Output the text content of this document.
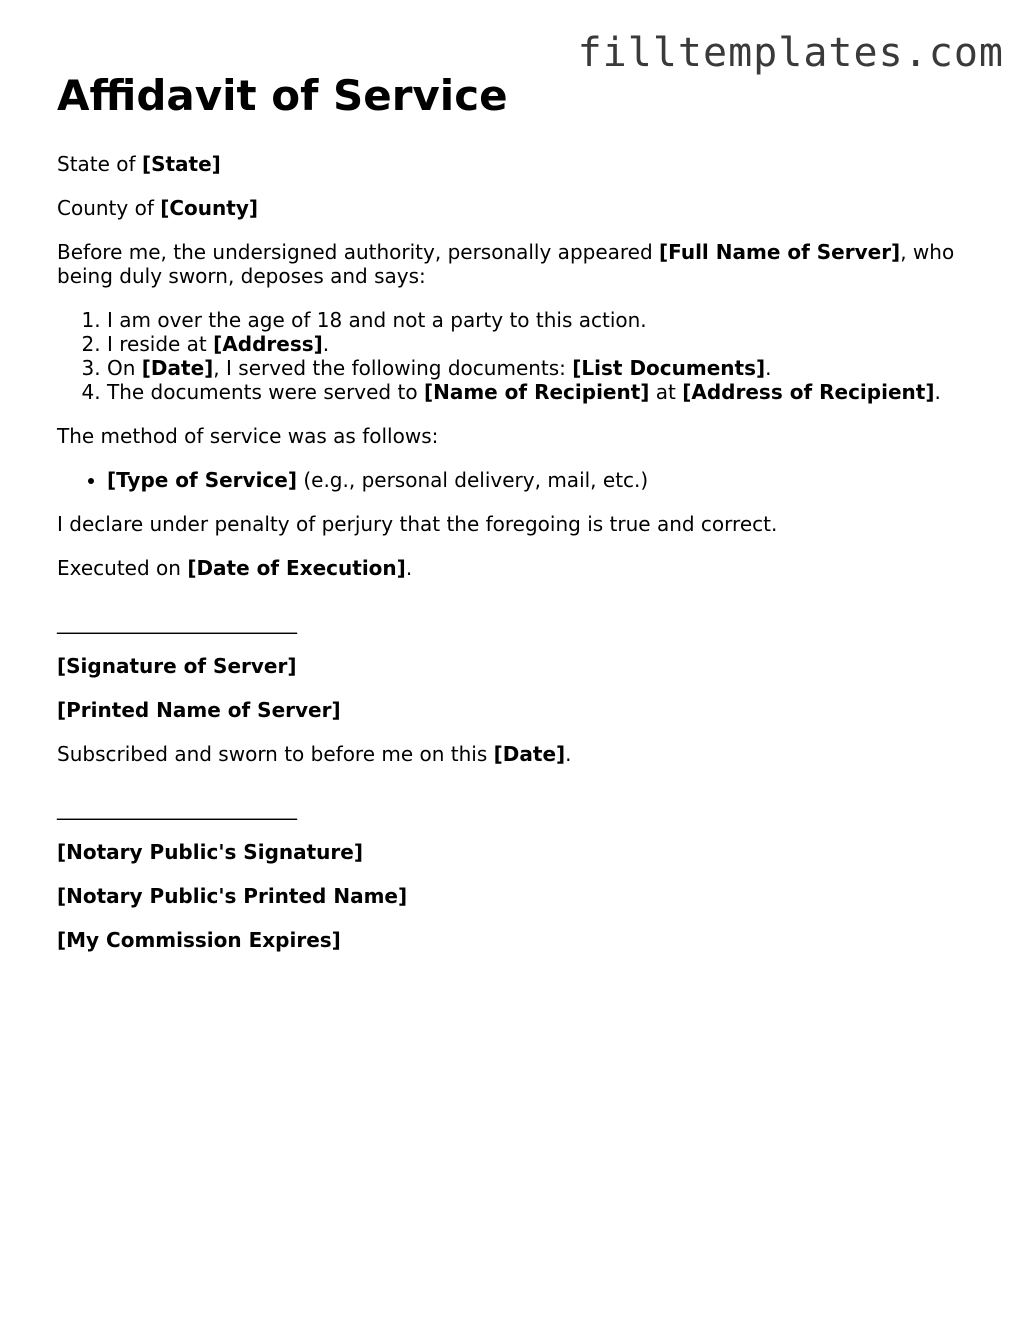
filltemplates.com
Affidavit of Service

State of [State]

County of [County]

Before me, the undersigned authority, personally appeared [Full Name of Server], who being duly sworn, deposes and says:

1. I am over the age of 18 and not a party to this action.
2. I reside at [Address].
3. On [Date], I served the following documents: [List Documents].
4. The documents were served to [Name of Recipient] at [Address of Recipient].

The method of service was as follows:

• [Type of Service] (e.g., personal delivery, mail, etc.)

I declare under penalty of perjury that the foregoing is true and correct.

Executed on [Date of Execution].

________________________

[Signature of Server]

[Printed Name of Server]

Subscribed and sworn to before me on this [Date].

________________________

[Notary Public's Signature]

[Notary Public's Printed Name]

[My Commission Expires]
